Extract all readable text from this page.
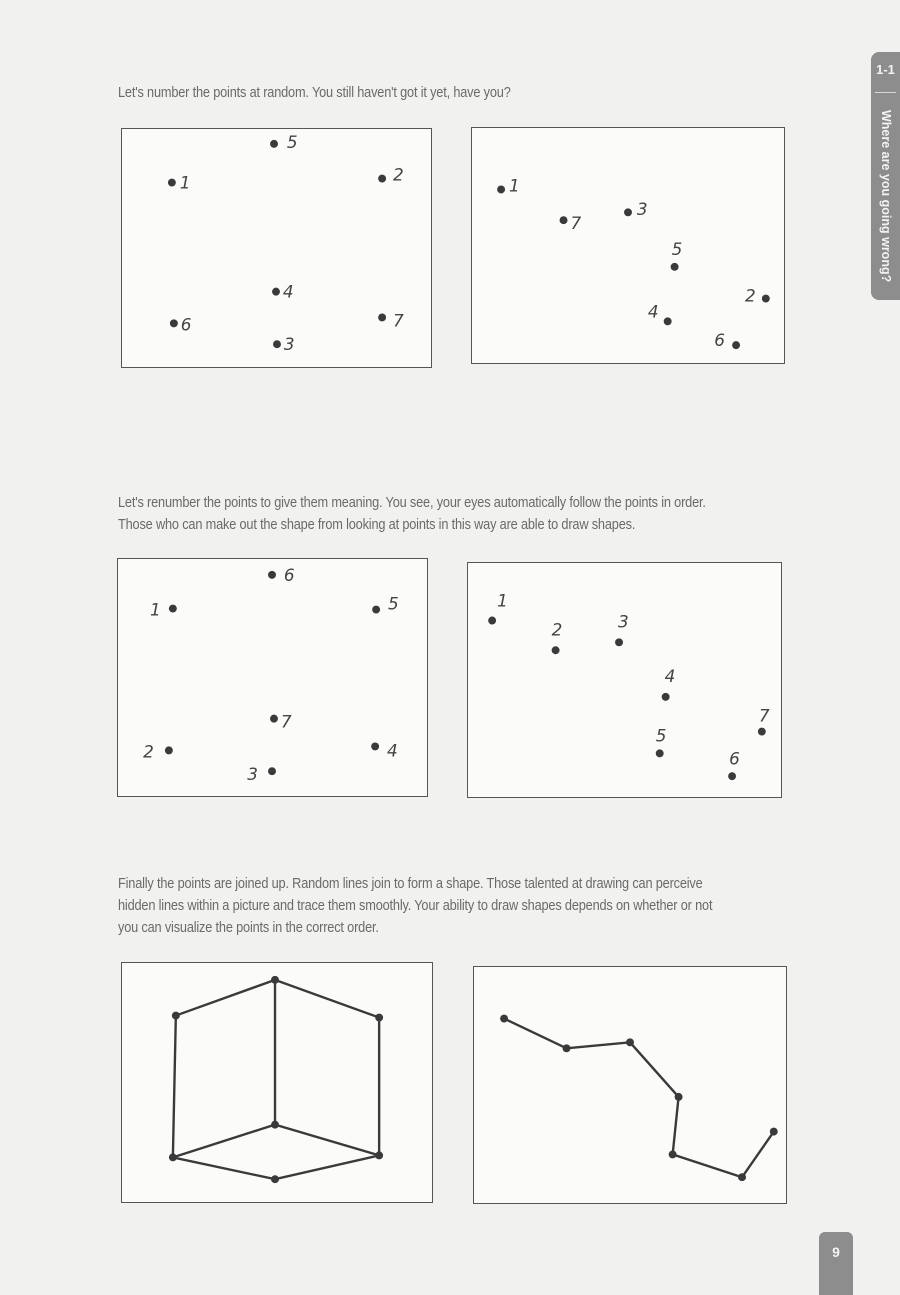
Let's number the points at random. You still haven't got it yet, have you?

5
1	2
4
6	7
3
1
7
3
5
2
4
6

Let's renumber the points to give them meaning. You see, your eyes automatically follow the points in order. Those who can make out the shape from looking at points in this way are able to draw shapes.

6
1	5
7
2	4
3
1
2	3
4
7
5
6

Finally the points are joined up. Random lines join to form a shape. Those talented at drawing can perceive hidden lines within a picture and trace them smoothly. Your ability to draw shapes depends on whether or not you can visualize the points in the correct order.

1-1
Where are you going wrong?
9
